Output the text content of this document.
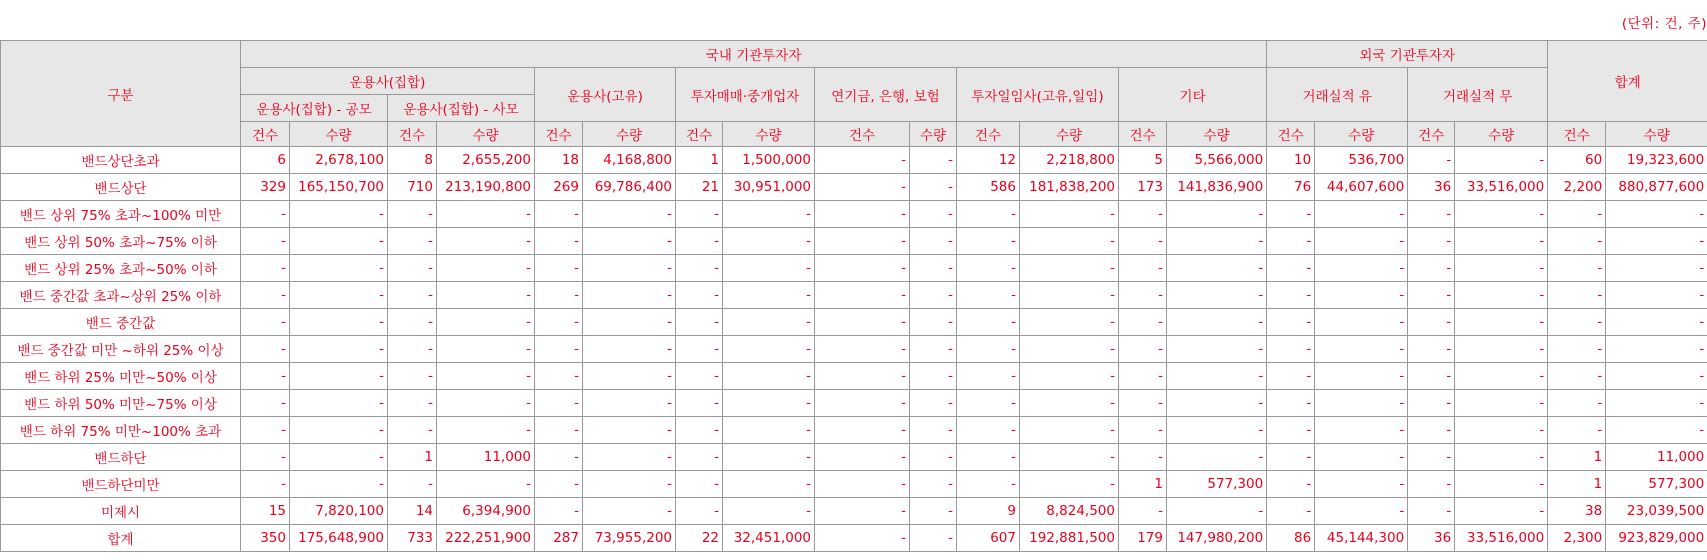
(단위: 건, 주)
구분	국내 기관투자자														외국 기관투자자				합계	
	운용사(집합)				운용사(고유)		투자매매·중개업자		연기금, 은행, 보험		투자일임사(고유,일임)		기타		거래실적 유		거래실적 무			
	운용사(집합) - 공모		운용사(집합) - 사모																	
	건수	수량	건수	수량	건수	수량	건수	수량	건수	수량	건수	수량	건수	수량	건수	수량	건수	수량	건수	수량
밴드상단초과	6	2,678,100	8	2,655,200	18	4,168,800	1	1,500,000	-	-	12	2,218,800	5	5,566,000	10	536,700	-	-	60	19,323,600
밴드상단	329	165,150,700	710	213,190,800	269	69,786,400	21	30,951,000	-	-	586	181,838,200	173	141,836,900	76	44,607,600	36	33,516,000	2,200	880,877,600
밴드 상위 75% 초과~100% 미만	-	-	-	-	-	-	-	-	-	-	-	-	-	-	-	-	-	-	-	-
밴드 상위 50% 초과~75% 이하	-	-	-	-	-	-	-	-	-	-	-	-	-	-	-	-	-	-	-	-
밴드 상위 25% 초과~50% 이하	-	-	-	-	-	-	-	-	-	-	-	-	-	-	-	-	-	-	-	-
밴드 중간값 초과~상위 25% 이하	-	-	-	-	-	-	-	-	-	-	-	-	-	-	-	-	-	-	-	-
밴드 중간값	-	-	-	-	-	-	-	-	-	-	-	-	-	-	-	-	-	-	-	-
밴드 중간값 미만 ~하위 25% 이상	-	-	-	-	-	-	-	-	-	-	-	-	-	-	-	-	-	-	-	-
밴드 하위 25% 미만~50% 이상	-	-	-	-	-	-	-	-	-	-	-	-	-	-	-	-	-	-	-	-
밴드 하위 50% 미만~75% 이상	-	-	-	-	-	-	-	-	-	-	-	-	-	-	-	-	-	-	-	-
밴드 하위 75% 미만~100% 초과	-	-	-	-	-	-	-	-	-	-	-	-	-	-	-	-	-	-	-	-
밴드하단	-	-	1	11,000	-	-	-	-	-	-	-	-	-	-	-	-	-	-	1	11,000
밴드하단미만	-	-	-	-	-	-	-	-	-	-	-	-	1	577,300	-	-	-	-	1	577,300
미제시	15	7,820,100	14	6,394,900	-	-	-	-	-	-	9	8,824,500	-	-	-	-	-	-	38	23,039,500
합계	350	175,648,900	733	222,251,900	287	73,955,200	22	32,451,000	-	-	607	192,881,500	179	147,980,200	86	45,144,300	36	33,516,000	2,300	923,829,000
